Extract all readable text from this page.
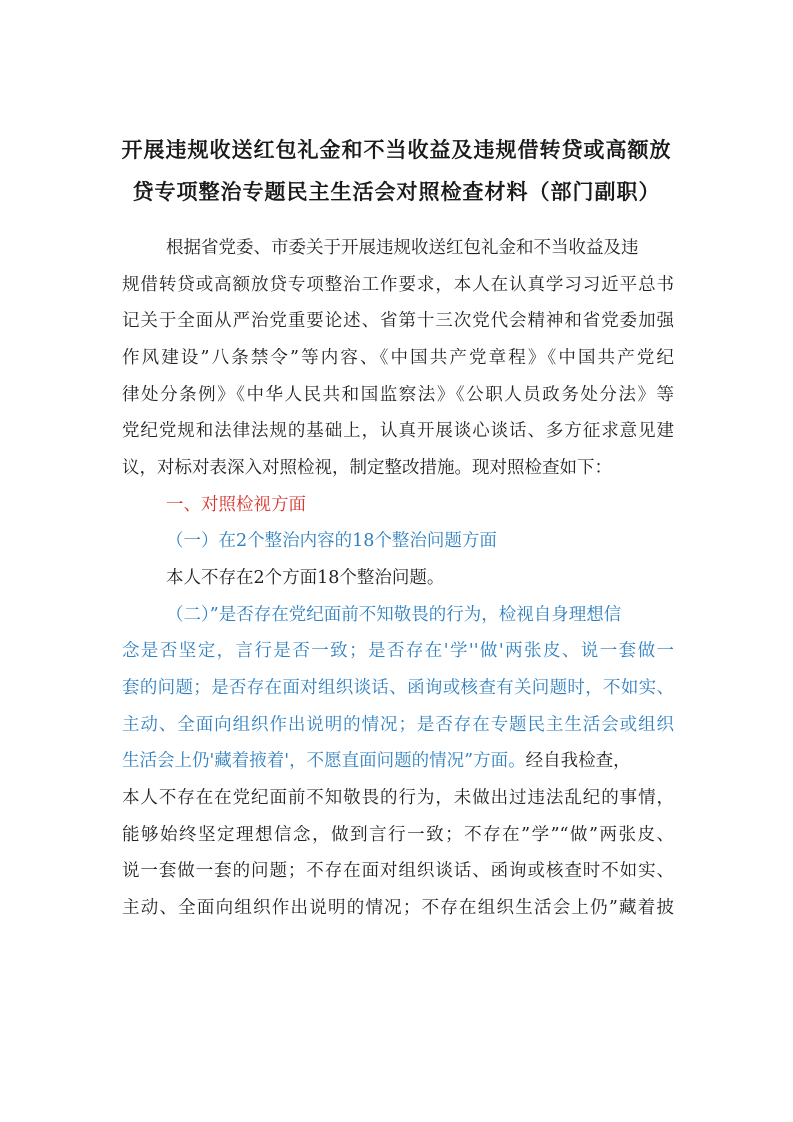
开展违规收送红包礼金和不当收益及违规借转贷或高额放
贷专项整治专题民主生活会对照检查材料（部门副职）
根据省党委、市委关于开展违规收送红包礼金和不当收益及违
规借转贷或高额放贷专项整治工作要求，本人在认真学习习近平总书
记关于全面从严治党重要论述、省第十三次党代会精神和省党委加强
作风建设”八条禁令”等内容、《中国共产党章程》《中国共产党纪
律处分条例》《中华人民共和国监察法》《公职人员政务处分法》等
党纪党规和法律法规的基础上，认真开展谈心谈话、多方征求意见建
议，对标对表深入对照检视，制定整改措施。现对照检查如下：
一、对照检视方面
（一）在2个整治内容的18个整治问题方面
本人不存在2个方面18个整治问题。
（二）”是否存在党纪面前不知敬畏的行为，检视自身理想信
念是否坚定，言行是否一致；是否存在'学''做'两张皮、说一套做一
套的问题；是否存在面对组织谈话、函询或核查有关问题时，不如实、
主动、全面向组织作出说明的情况；是否存在专题民主生活会或组织
生活会上仍'藏着掖着'，不愿直面问题的情况”方面。经自我检查，
本人不存在在党纪面前不知敬畏的行为，未做出过违法乱纪的事情，
能够始终坚定理想信念，做到言行一致；不存在”学”“做”两张皮、
说一套做一套的问题；不存在面对组织谈话、函询或核查时不如实、
主动、全面向组织作出说明的情况；不存在组织生活会上仍”藏着披
